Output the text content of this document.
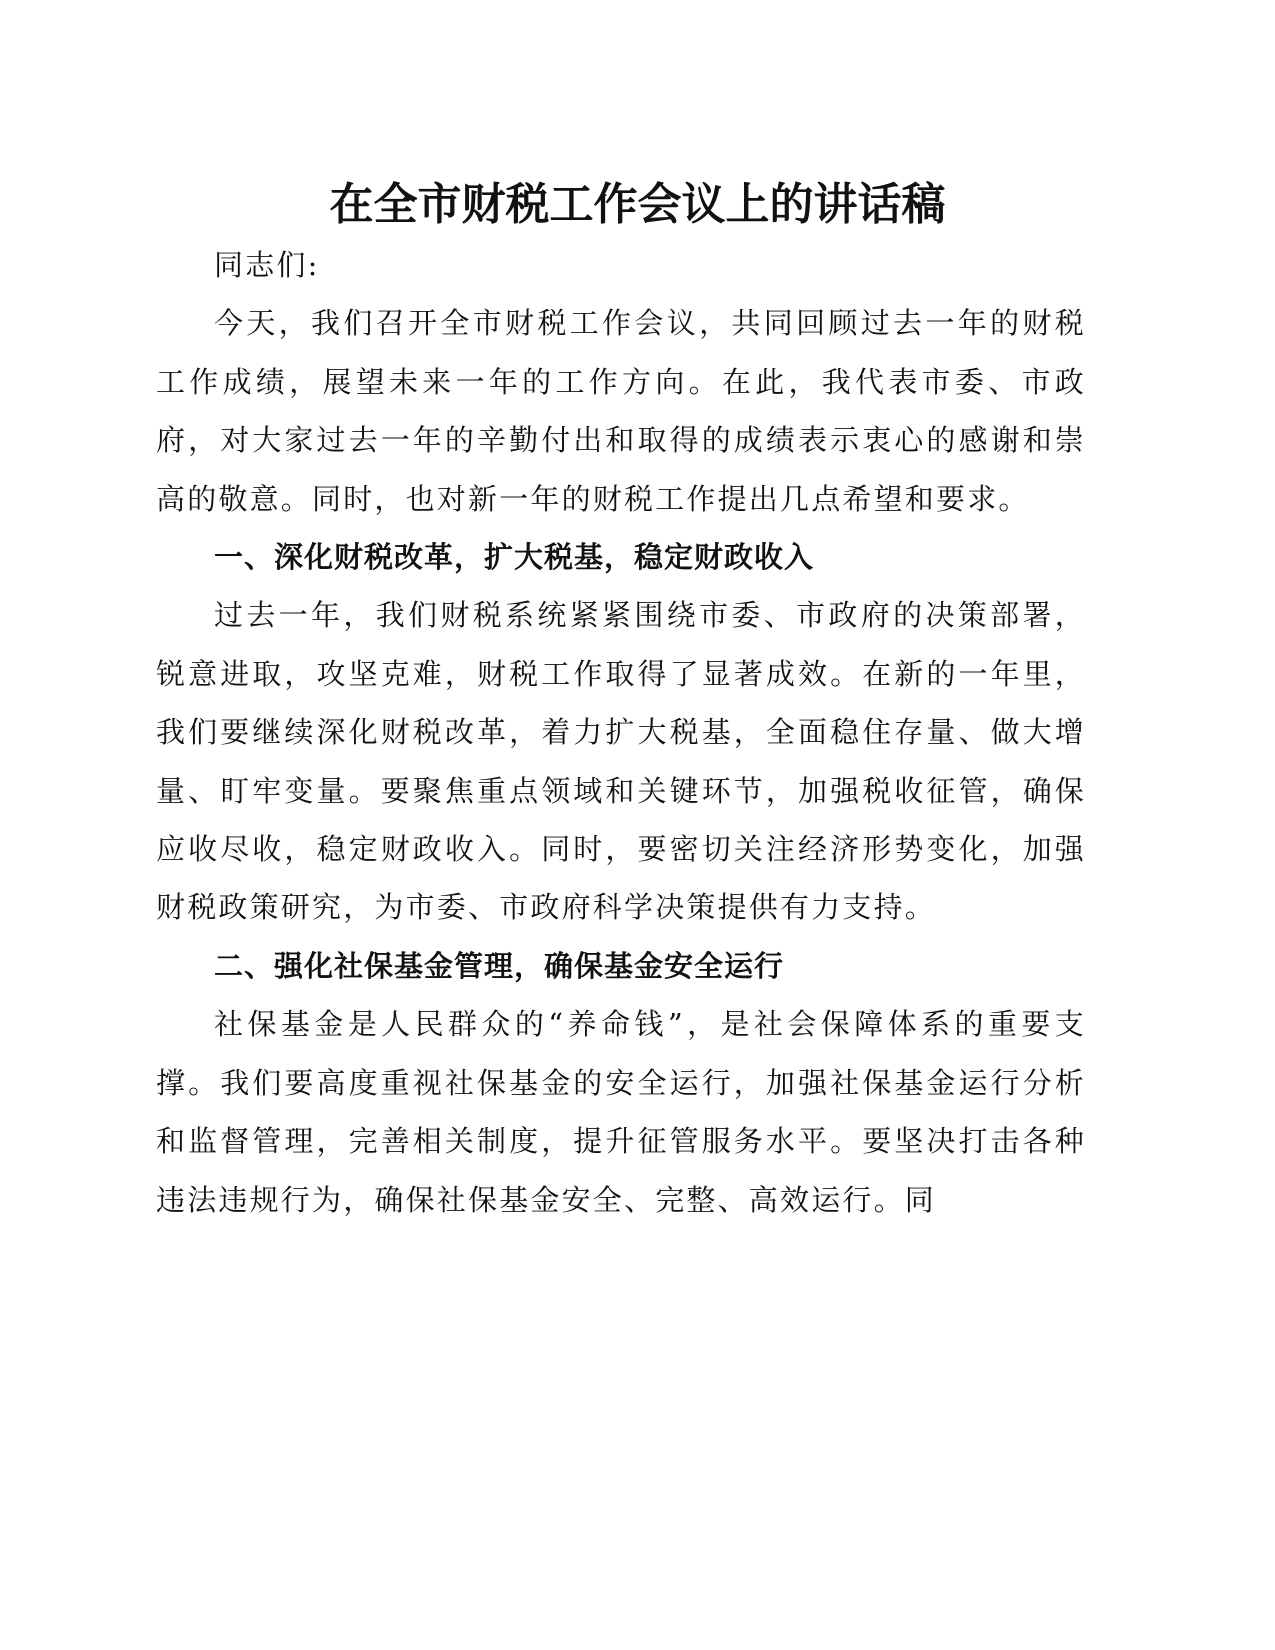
在全市财税工作会议上的讲话稿

同志们:

今天，我们召开全市财税工作会议，共同回顾过去一年的财税工作成绩，展望未来一年的工作方向。在此，我代表市委、市政府，对大家过去一年的辛勤付出和取得的成绩表示衷心的感谢和崇高的敬意。同时，也对新一年的财税工作提出几点希望和要求。

一、深化财税改革，扩大税基，稳定财政收入

过去一年，我们财税系统紧紧围绕市委、市政府的决策部署，锐意进取，攻坚克难，财税工作取得了显著成效。在新的一年里，我们要继续深化财税改革，着力扩大税基，全面稳住存量、做大增量、盯牢变量。要聚焦重点领域和关键环节，加强税收征管，确保应收尽收，稳定财政收入。同时，要密切关注经济形势变化，加强财税政策研究，为市委、市政府科学决策提供有力支持。

二、强化社保基金管理，确保基金安全运行

社保基金是人民群众的“养命钱”，是社会保障体系的重要支撑。我们要高度重视社保基金的安全运行，加强社保基金运行分析和监督管理，完善相关制度，提升征管服务水平。要坚决打击各种违法违规行为，确保社保基金安全、完整、高效运行。同
